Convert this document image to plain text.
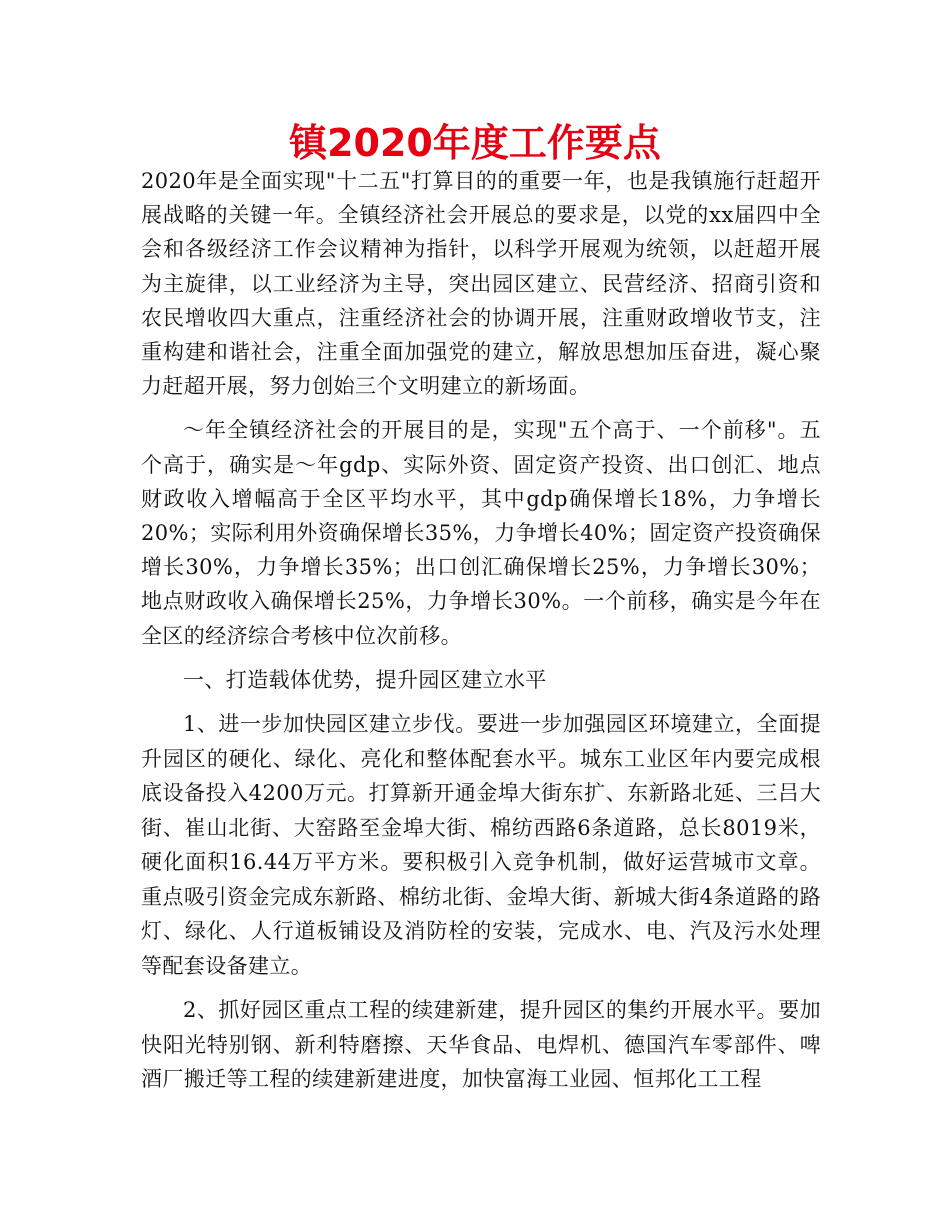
镇2020年度工作要点

2020年是全面实现"十二五"打算目的的重要一年，也是我镇施行赶超开展战略的关键一年。全镇经济社会开展总的要求是，以党的xx届四中全会和各级经济工作会议精神为指针，以科学开展观为统领，以赶超开展为主旋律，以工业经济为主导，突出园区建立、民营经济、招商引资和农民增收四大重点，注重经济社会的协调开展，注重财政增收节支，注重构建和谐社会，注重全面加强党的建立，解放思想加压奋进，凝心聚力赶超开展，努力创始三个文明建立的新场面。

～年全镇经济社会的开展目的是，实现"五个高于、一个前移"。五个高于，确实是～年gdp、实际外资、固定资产投资、出口创汇、地点财政收入增幅高于全区平均水平，其中gdp确保增长18%，力争增长20%；实际利用外资确保增长35%，力争增长40%；固定资产投资确保增长30%，力争增长35%；出口创汇确保增长25%，力争增长30%；地点财政收入确保增长25%，力争增长30%。一个前移，确实是今年在全区的经济综合考核中位次前移。

一、打造载体优势，提升园区建立水平

1、进一步加快园区建立步伐。要进一步加强园区环境建立，全面提升园区的硬化、绿化、亮化和整体配套水平。城东工业区年内要完成根底设备投入4200万元。打算新开通金埠大街东扩、东新路北延、三吕大街、崔山北街、大窑路至金埠大街、棉纺西路6条道路，总长8019米，硬化面积16.44万平方米。要积极引入竞争机制，做好运营城市文章。重点吸引资金完成东新路、棉纺北街、金埠大街、新城大街4条道路的路灯、绿化、人行道板铺设及消防栓的安装，完成水、电、汽及污水处理等配套设备建立。

2、抓好园区重点工程的续建新建，提升园区的集约开展水平。要加快阳光特别钢、新利特磨擦、天华食品、电焊机、德国汽车零部件、啤酒厂搬迁等工程的续建新建进度，加快富海工业园、恒邦化工工程
